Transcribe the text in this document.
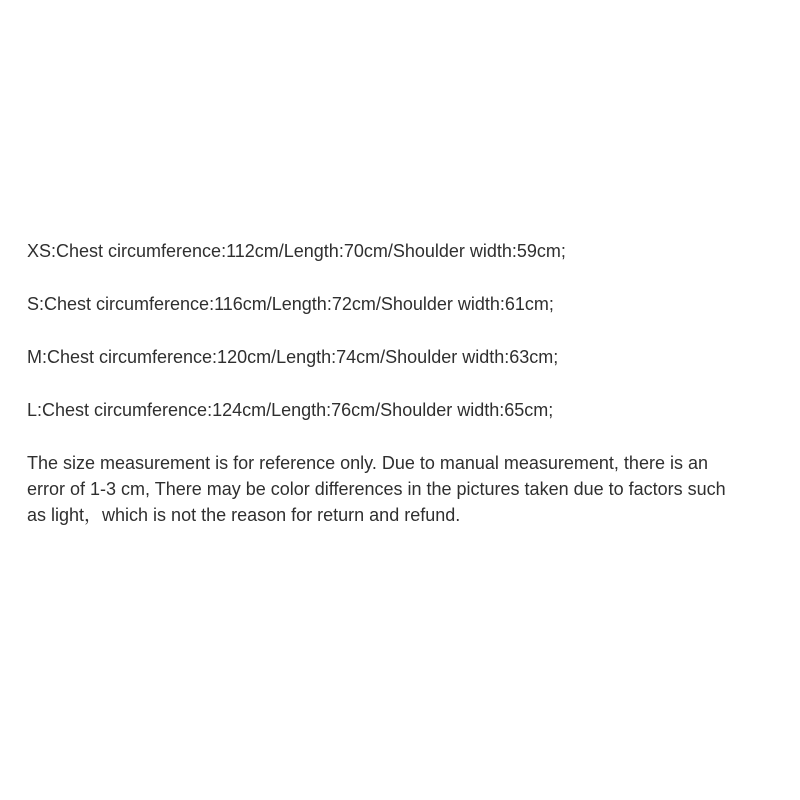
XS:Chest circumference:112cm/Length:70cm/Shoulder width:59cm;

S:Chest circumference:116cm/Length:72cm/Shoulder width:61cm;

M:Chest circumference:120cm/Length:74cm/Shoulder width:63cm;

L:Chest circumference:124cm/Length:76cm/Shoulder width:65cm;

The size measurement is for reference only. Due to manual measurement, there is an
error of 1-3 cm, There may be color differences in the pictures taken due to factors such
as light，which is not the reason for return and refund.
